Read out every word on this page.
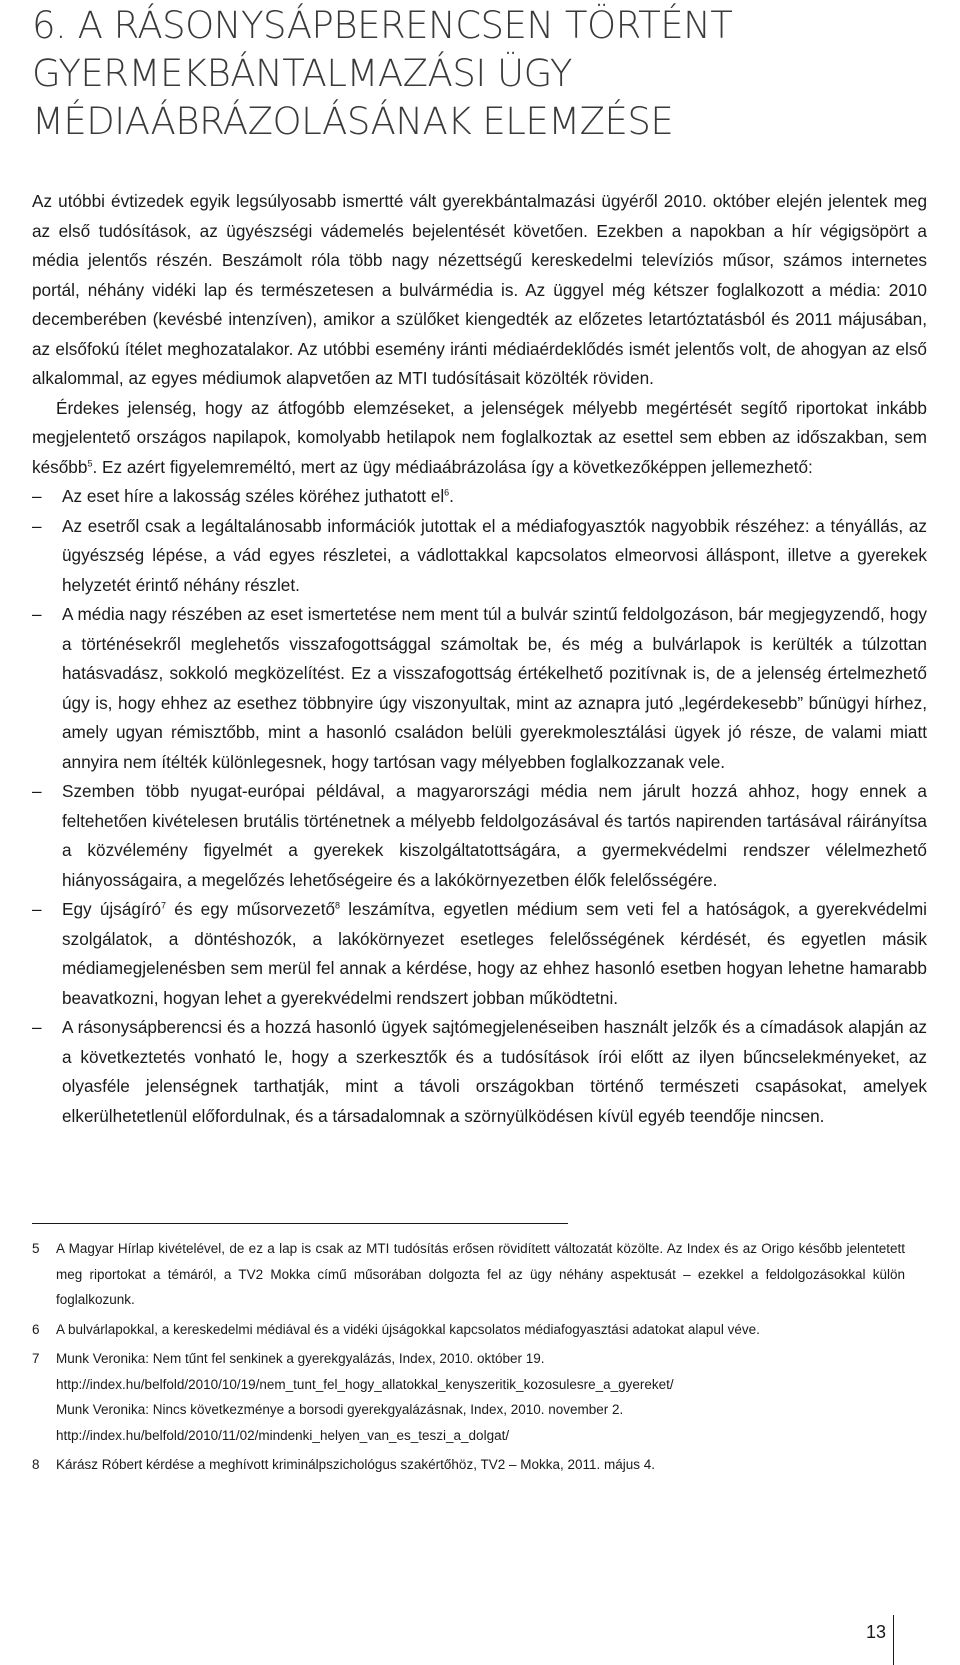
6. A RÁSONYSÁPBERENCSEN TÖRTÉNT
GYERMEKBÁNTALMAZÁSI ÜGY
MÉDIAÁBRÁZOLÁSÁNAK ELEMZÉSE

Az utóbbi évtizedek egyik legsúlyosabb ismertté vált gyerekbántalmazási ügyéről 2010. október elején jelentek meg az első tudósítások, az ügyészségi vádemelés bejelentését követően. Ezekben a napokban a hír végigsöpört a média jelentős részén. Beszámolt róla több nagy nézettségű kereskedelmi televíziós műsor, számos internetes portál, néhány vidéki lap és természetesen a bulvármédia is. Az üggyel még kétszer foglalkozott a média: 2010 decemberében (kevésbé intenzíven), amikor a szülőket kiengedték az előzetes letartóztatásból és 2011 májusában, az elsőfokú ítélet meghozatalakor. Az utóbbi esemény iránti médiaérdeklődés ismét jelentős volt, de ahogyan az első alkalommal, az egyes médiumok alapvetően az MTI tudósításait közölték röviden.

Érdekes jelenség, hogy az átfogóbb elemzéseket, a jelenségek mélyebb megértését segítő riportokat inkább megjelentető országos napilapok, komolyabb hetilapok nem foglalkoztak az esettel sem ebben az időszakban, sem később$^5$. Ez azért figyelemreméltó, mert az ügy médiaábrázolása így a következőképpen jellemezhető:

– Az eset híre a lakosság széles köréhez juthatott $el^6$.

– Az esetről csak a legáltalánosabb információk jutottak el a médiafogyasztók nagyobbik részéhez: a tényállás, az ügyészség lépése, a vád egyes részletei, a vádlottakkal kapcsolatos elmeorvosi álláspont, illetve a gyerekek helyzetét érintő néhány részlet.

– A média nagy részében az eset ismertetése nem ment túl a bulvár szintű feldolgozáson, bár megjegyzendő, hogy a történésekről meglehetős visszafogottsággal számoltak be, és még a bulvárlapok is kerülték a túlzottan hatásvadász, sokkoló megközelítést. Ez a visszafogottság értékelhető pozitívnak is, de a jelenség értelmezhető úgy is, hogy ehhez az esethez többnyire úgy viszonyultak, mint az aznapra jutó „legérdekesebb” bűnügyi hírhez, amely ugyan rémisztőbb, mint a hasonló családon belüli gyerekmolesztálási ügyek jó része, de valami miatt annyira nem ítélték különlegesnek, hogy tartósan vagy mélyebben foglalkozzanak vele.

– Szemben több nyugat-európai példával, a magyarországi média nem járult hozzá ahhoz, hogy ennek a feltehetően kivételesen brutális történetnek a mélyebb feldolgozásával és tartós napirenden tartásával ráirányítsa a közvélemény figyelmét a gyerekek kiszolgáltatottságára, a gyermekvédelmi rendszer vélelmezhető hiányosságaira, a megelőzés lehetőségeire és a lakókörnyezetben élők felelősségére.

– Egy újságíró$^7$ és egy műsorvezető$^8$ leszámítva, egyetlen médium sem veti fel a hatóságok, a gyerekvédelmi szolgálatok, a döntéshozók, a lakókörnyezet esetleges felelősségének kérdését, és egyetlen másik médiamegjelenésben sem merül fel annak a kérdése, hogy az ehhez hasonló esetben hogyan lehetne hamarabb beavatkozni, hogyan lehet a gyerekvédelmi rendszert jobban működtetni.

– A rásonysápberencsi és a hozzá hasonló ügyek sajtómegjelenéseiben használt jelzők és a címadások alapján az a következtetés vonható le, hogy a szerkesztők és a tudósítások írói előtt az ilyen bűncselekményeket, az olyasféle jelenségnek tarthatják, mint a távoli országokban történő természeti csapásokat, amelyek elkerülhetetlenül előfordulnak, és a társadalomnak a szörnyülködésen kívül egyéb teendője nincsen.

5 A Magyar Hírlap kivételével, de ez a lap is csak az MTI tudósítás erősen rövidített változatát közölte. Az Index és az Origo később jelentetett meg riportokat a témáról, a TV2 Mokka című műsorában dolgozta fel az ügy néhány aspektusát – ezekkel a feldolgozásokkal külön foglalkozunk.

6 A bulvárlapokkal, a kereskedelmi médiával és a vidéki újságokkal kapcsolatos médiafogyasztási adatokat alapul véve.

7 Munk Veronika: Nem tűnt fel senkinek a gyerekgyalázás, Index, 2010. október 19.
http://index.hu/belfold/2010/10/19/nem_tunt_fel_hogy_allatokkal_kenyszeritik_kozosulesre_a_gyereket/
Munk Veronika: Nincs következménye a borsodi gyerekgyalázásnak, Index, 2010. november 2.
http://index.hu/belfold/2010/11/02/mindenki_helyen_van_es_teszi_a_dolgat/

8 Kárász Róbert kérdése a meghívott kriminálpszichológus szakértőhöz, TV2 – Mokka, 2011. május 4.

13
